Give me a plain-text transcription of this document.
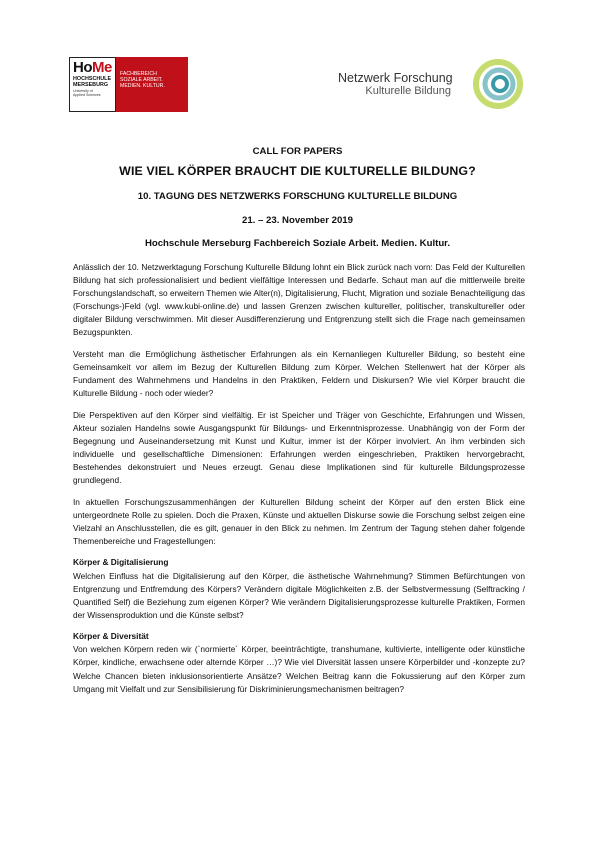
HoMe
HOCHSCHULE
MERSEBURG
University of
Applied Sciences
FACHBEREICH
SOZIALE ARBEIT.
MEDIEN. KULTUR.
Netzwerk Forschung
Kulturelle Bildung
CALL FOR PAPERS
WIE VIEL KÖRPER BRAUCHT DIE KULTURELLE BILDUNG?
10. TAGUNG DES NETZWERKS FORSCHUNG KULTURELLE BILDUNG
21. – 23. November 2019
Hochschule Merseburg Fachbereich Soziale Arbeit. Medien. Kultur.

Anlässlich der 10. Netzwerktagung Forschung Kulturelle Bildung lohnt ein Blick zurück nach vorn: Das Feld der Kulturellen Bildung hat sich professionalisiert und bedient vielfältige Interessen und Bedarfe. Schaut man auf die mittlerweile breite Forschungslandschaft, so erweitern Themen wie Alter(n), Digitalisierung, Flucht, Migration und soziale Benachteiligung das (Forschungs-)Feld (vgl. www.kubi-online.de) und lassen Grenzen zwischen kultureller, politischer, transkultureller oder digitaler Bildung verschwimmen. Mit dieser Ausdifferenzierung und Entgrenzung stellt sich die Frage nach gemeinsamen Bezugspunkten.

Versteht man die Ermöglichung ästhetischer Erfahrungen als ein Kernanliegen Kultureller Bildung, so besteht eine Gemeinsamkeit vor allem im Bezug der Kulturellen Bildung zum Körper. Welchen Stellenwert hat der Körper als Fundament des Wahrnehmens und Handelns in den Praktiken, Feldern und Diskursen? Wie viel Körper braucht die Kulturelle Bildung - noch oder wieder?

Die Perspektiven auf den Körper sind vielfältig. Er ist Speicher und Träger von Geschichte, Erfahrungen und Wissen, Akteur sozialen Handelns sowie Ausgangspunkt für Bildungs- und Erkenntnisprozesse. Unabhängig von der Form der Begegnung und Auseinandersetzung mit Kunst und Kultur, immer ist der Körper involviert. An ihm verbinden sich individuelle und gesellschaftliche Dimensionen: Erfahrungen werden eingeschrieben, Praktiken hervorgebracht, Bestehendes dekonstruiert und Neues erzeugt. Genau diese Implikationen sind für kulturelle Bildungsprozesse grundlegend.

In aktuellen Forschungszusammenhängen der Kulturellen Bildung scheint der Körper auf den ersten Blick eine untergeordnete Rolle zu spielen. Doch die Praxen, Künste und aktuellen Diskurse sowie die Forschung selbst zeigen eine Vielzahl an Anschlusstellen, die es gilt, genauer in den Blick zu nehmen. Im Zentrum der Tagung stehen daher folgende Themenbereiche und Fragestellungen:

Körper & Digitalisierung

Welchen Einfluss hat die Digitalisierung auf den Körper, die ästhetische Wahrnehmung? Stimmen Befürchtungen von Entgrenzung und Entfremdung des Körpers? Verändern digitale Möglichkeiten z.B. der Selbstvermessung (Selftracking / Quantified Self) die Beziehung zum eigenen Körper? Wie verändern Digitalisierungsprozesse kulturelle Praktiken, Formen der Wissensproduktion und die Künste selbst?

Körper & Diversität

Von welchen Körpern reden wir (`normierte´ Körper, beeinträchtigte, transhumane, kultivierte, intelligente oder künstliche Körper, kindliche, erwachsene oder alternde Körper …)? Wie viel Diversität lassen unsere Körperbilder und -konzepte zu? Welche Chancen bieten inklusionsorientierte Ansätze? Welchen Beitrag kann die Fokussierung auf den Körper zum Umgang mit Vielfalt und zur Sensibilisierung für Diskriminierungsmechanismen beitragen?
